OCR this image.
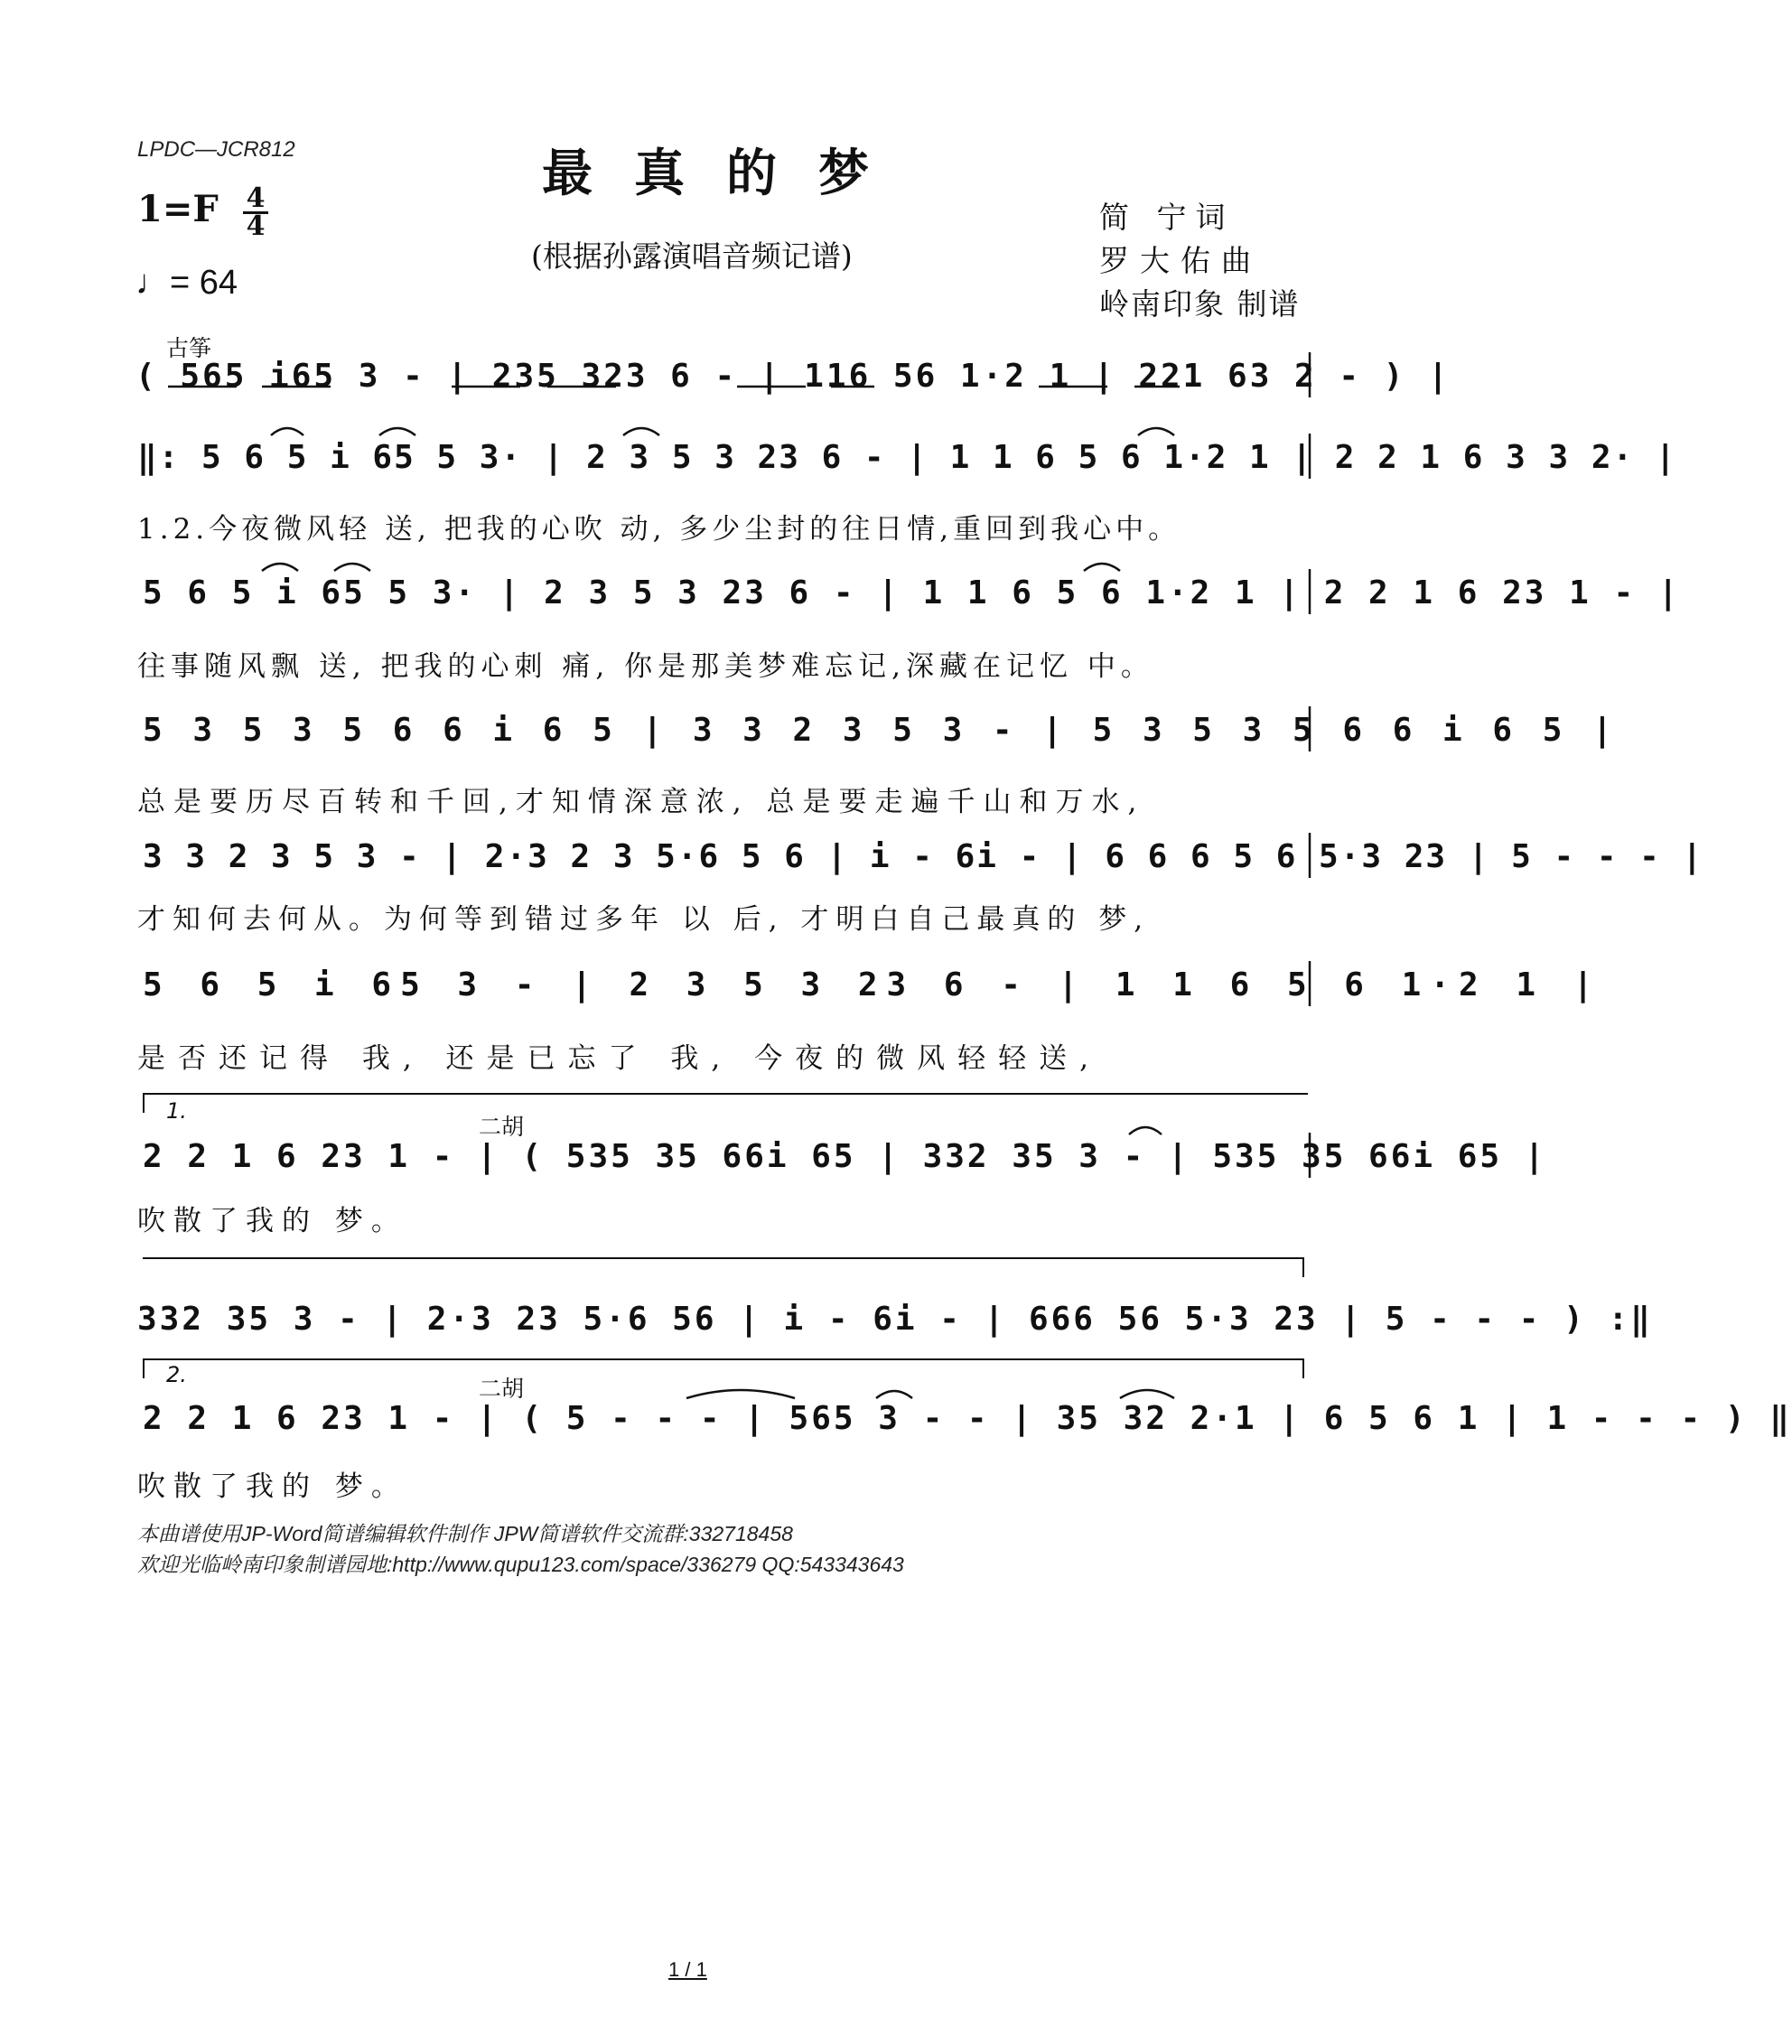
LPDC—JCR812	最真的梦
(根据孙露演唱音频记谱)
简 宁词
罗大佑曲
岭南印象 制谱
1=F 4
4
♩= 64
古筝
( 565 i65 3 - | 235 323 6 - | 116 56 1·2 1 | 221 63 2 - ) |
‖: 5 6 5 i 65 5 3· | 2 3 5 3 23 6 - | 1 1 6 5 6 1·2 1 | 2 2 1 6 3 3 2· |
1.2.今夜微风轻 送, 把我的心吹 动, 多少尘封的往日情,重回到我心中。
5 6 5 i 65 5 3· | 2 3 5 3 23 6 - | 1 1 6 5 6 1·2 1 | 2 2 1 6 23 1 - |
往事随风飘 送, 把我的心刺 痛, 你是那美梦难忘记,深藏在记忆 中。
5 3 5 3 5 6 6 i 6 5 | 3 3 2 3 5 3 - | 5 3 5 3 5 6 6 i 6 5 |
总是要历尽百转和千回,才知情深意浓, 总是要走遍千山和万水,
3 3 2 3 5 3 - | 2·3 2 3 5·6 5 6 | i - 6i - | 6 6 6 5 6 5·3 23 | 5 - - - |
才知何去何从。为何等到错过多年 以 后, 才明白自己最真的 梦,
5 6 5 i 65 3 - | 2 3 5 3 23 6 - | 1 1 6 5 6 1·2 1 |
是否还记得 我, 还是已忘了 我, 今夜的微风轻轻送,
1.
二胡
2 2 1 6 23 1 - | ( 535 35 66i 65 | 332 35 3 - | 535 35 66i 65 |
吹散了我的 梦。
332 35 3 - | 2·3 23 5·6 56 | i - 6i - | 666 56 5·3 23 | 5 - - - ) :‖
2.
二胡
2 2 1 6 23 1 - | ( 5 - - - | 565 3 - - | 35 32 2·1 | 6 5 6 1 | 1 - - - ) ‖
吹散了我的 梦。
本曲谱使用JP-Word简谱编辑软件制作 JPW简谱软件交流群:332718458
欢迎光临岭南印象制谱园地:http://www.qupu123.com/space/336279 QQ:543343643
1 / 1
